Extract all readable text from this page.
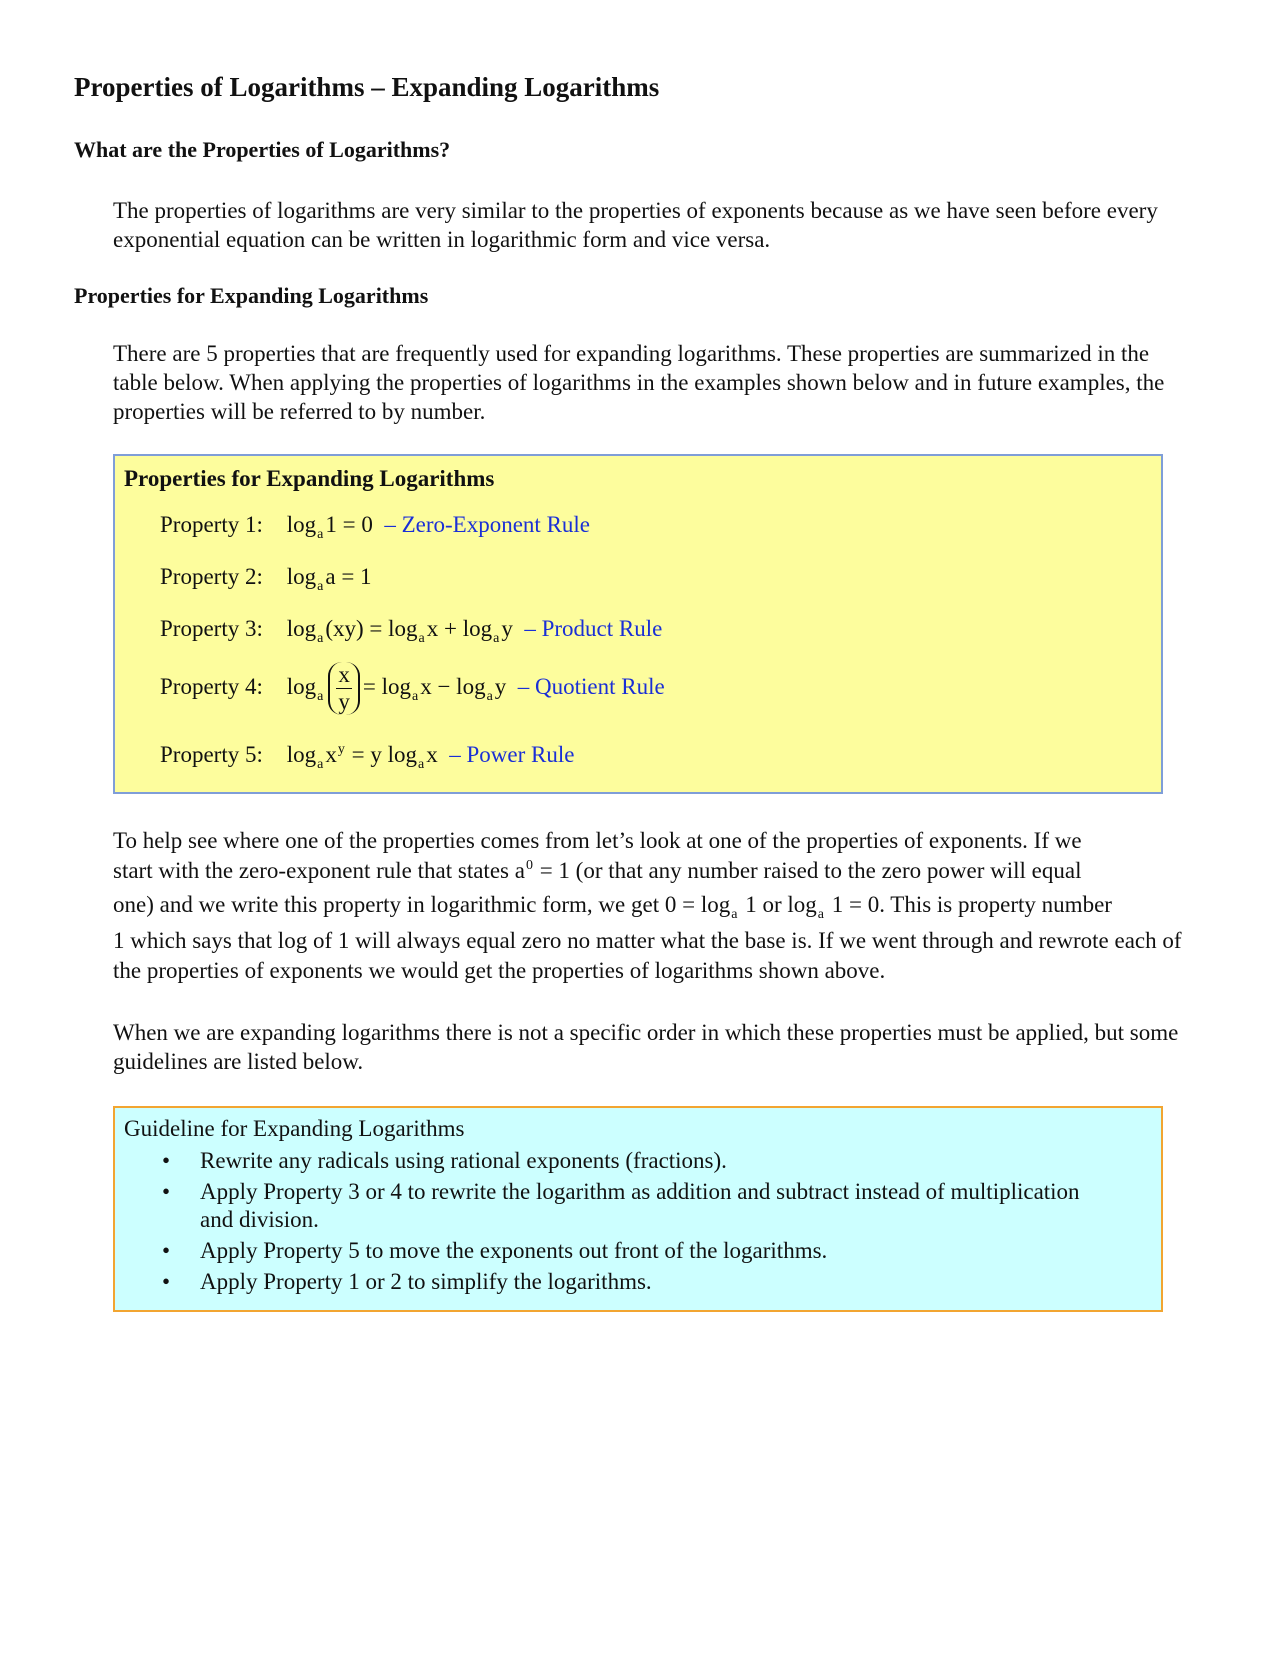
Properties of Logarithms – Expanding Logarithms
What are the Properties of Logarithms?

The properties of logarithms are very similar to the properties of exponents because as we have seen before every exponential equation can be written in logarithmic form and vice versa.

Properties for Expanding Logarithms

There are 5 properties that are frequently used for expanding logarithms. These properties are summarized in the table below. When applying the properties of logarithms in the examples shown below and in future examples, the properties will be referred to by number.

Properties for Expanding Logarithms
Property 1: $\log_a1 = 0$ – Zero-Exponent Rule
Property 2: $\log_aa = 1$
Property 3: $\log_a(xy) = \log_ax + \log_ay$ – Product Rule
Property 4: $\log_a \frac{x}{y} = \log_ax - \log_ay$ – Quotient Rule
Property 5: $\log_ax^y = y$ $\log_ax$ – Power Rule
To help see where one of the properties comes from let’s look at one of the properties of exponents. If we
start with the zero-exponent rule that states $a^0 = 1$ (or that any number raised to the zero power will equal
one) and we write this property in logarithmic form, we get $0 = \log_a 1$ or $\log_a 1 = 0$. This is property number
1 which says that log of 1 will always equal zero no matter what the base is. If we went through and rewrote each of the properties of exponents we would get the properties of logarithms shown above.

When we are expanding logarithms there is not a specific order in which these properties must be applied, but some guidelines are listed below.

Guideline for Expanding Logarithms
• Rewrite any radicals using rational exponents (fractions).
• Apply Property 3 or 4 to rewrite the logarithm as addition and subtract instead of multiplication and division.
• Apply Property 5 to move the exponents out front of the logarithms.
• Apply Property 1 or 2 to simplify the logarithms.
